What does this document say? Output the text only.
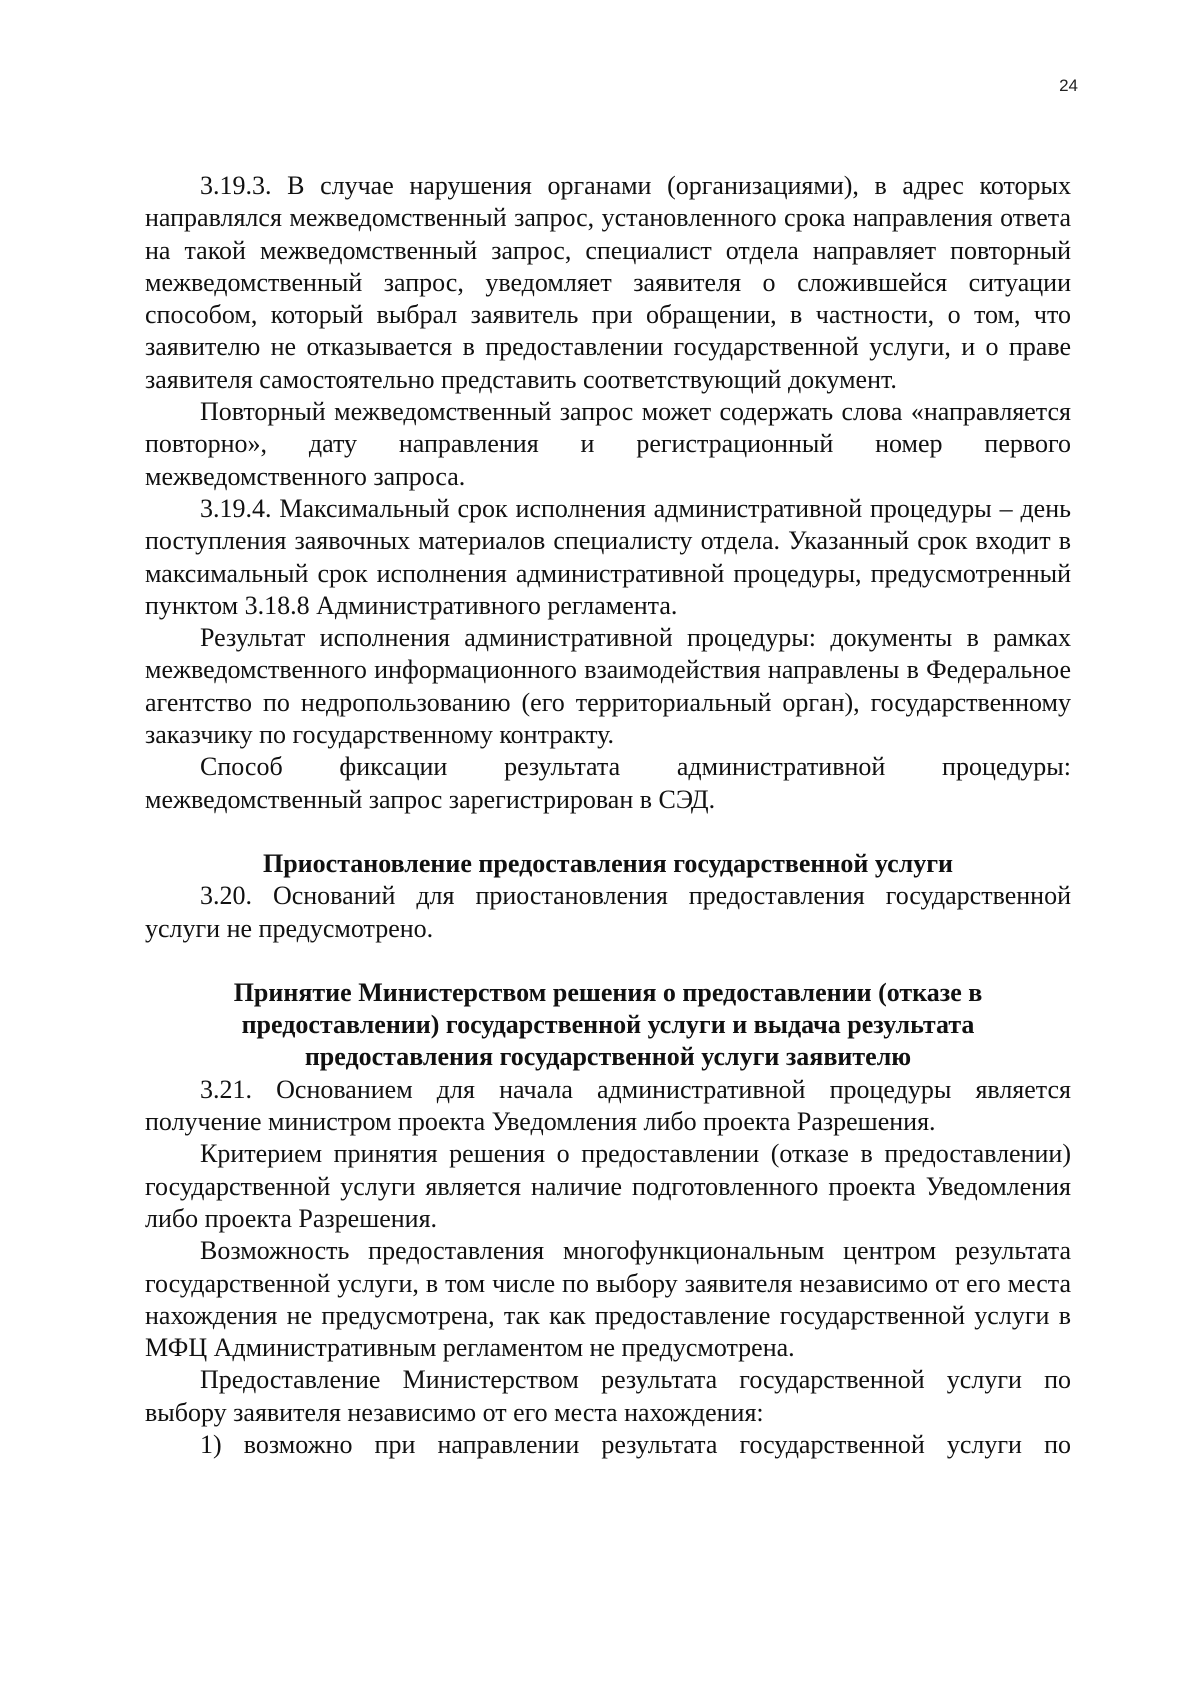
24

3.19.3. В случае нарушения органами (организациями), в адрес которых направлялся межведомственный запрос, установленного срока направления ответа на такой межведомственный запрос, специалист отдела направляет повторный межведомственный запрос, уведомляет заявителя о сложившейся ситуации способом, который выбрал заявитель при обращении, в частности, о том, что заявителю не отказывается в предоставлении государственной услуги, и о праве заявителя самостоятельно представить соответствующий документ.

Повторный межведомственный запрос может содержать слова «направляется повторно», дату направления и регистрационный номер первого межведомственного запроса.

3.19.4. Максимальный срок исполнения административной процедуры – день поступления заявочных материалов специалисту отдела. Указанный срок входит в максимальный срок исполнения административной процедуры, предусмотренный пунктом 3.18.8 Административного регламента.

Результат исполнения административной процедуры: документы в рамках межведомственного информационного взаимодействия направлены в Федеральное агентство по недропользованию (его территориальный орган), государственному заказчику по государственному контракту.

Способ фиксации результата административной процедуры: межведомственный запрос зарегистрирован в СЭД.

Приостановление предоставления государственной услуги

3.20. Оснований для приостановления предоставления государственной услуги не предусмотрено.

Принятие Министерством решения о предоставлении (отказе в
предоставлении) государственной услуги и выдача результата
предоставления государственной услуги заявителю

3.21. Основанием для начала административной процедуры является получение министром проекта Уведомления либо проекта Разрешения.

Критерием принятия решения о предоставлении (отказе в предоставлении) государственной услуги является наличие подготовленного проекта Уведомления либо проекта Разрешения.

Возможность предоставления многофункциональным центром результата государственной услуги, в том числе по выбору заявителя независимо от его места нахождения не предусмотрена, так как предоставление государственной услуги в МФЦ Административным регламентом не предусмотрена.

Предоставление Министерством результата государственной услуги по выбору заявителя независимо от его места нахождения:

1) возможно при направлении результата государственной услуги по
